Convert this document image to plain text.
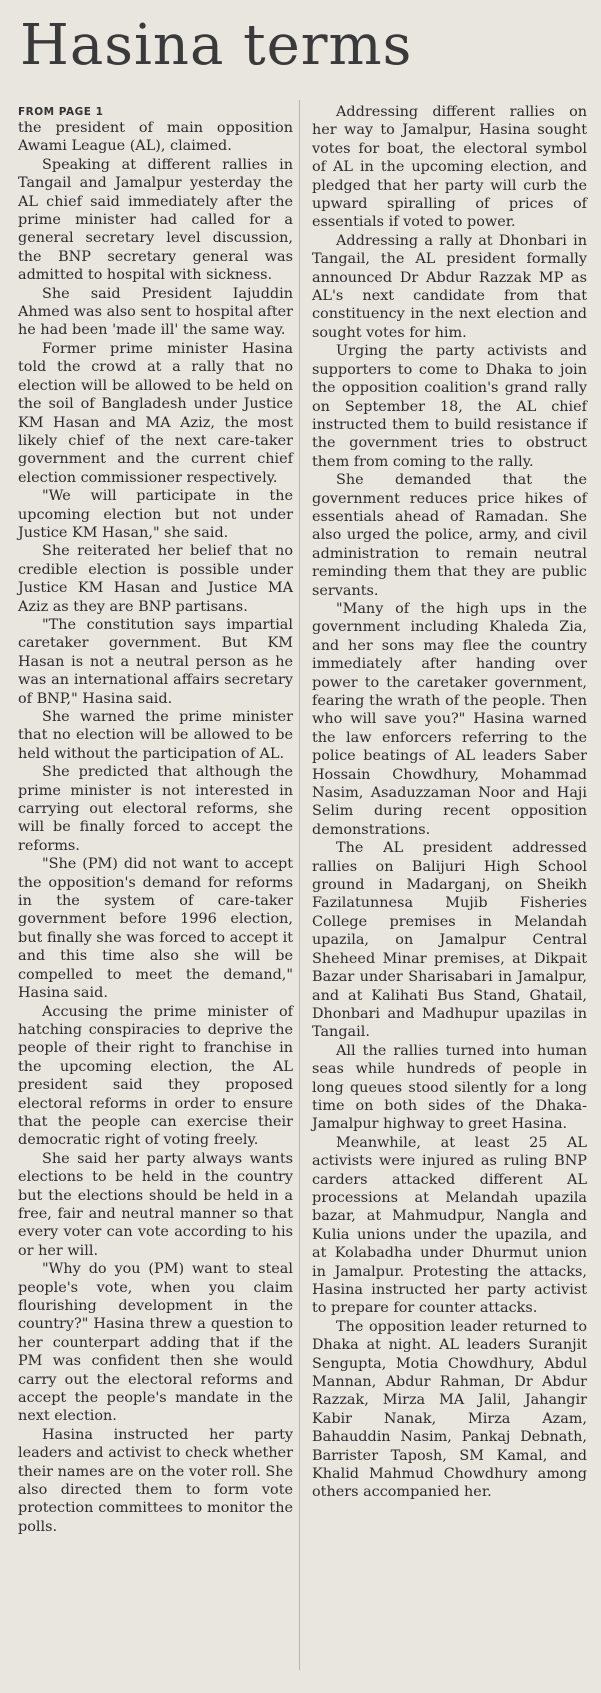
Hasina terms
FROM PAGE 1

the president of main opposition Awami League (AL), claimed.

Speaking at different rallies in Tangail and Jamalpur yesterday the AL chief said immediately after the prime minister had called for a general secretary level discussion, the BNP secretary general was admitted to hospital with sickness.

She said President Iajuddin Ahmed was also sent to hospital after he had been 'made ill' the same way.

Former prime minister Hasina told the crowd at a rally that no election will be allowed to be held on the soil of Bangladesh under Justice KM Hasan and MA Aziz, the most likely chief of the next care-taker government and the current chief election commissioner respectively.

"We will participate in the upcoming election but not under Justice KM Hasan," she said.

She reiterated her belief that no credible election is possible under Justice KM Hasan and Justice MA Aziz as they are BNP partisans.

"The constitution says impartial caretaker government. But KM Hasan is not a neutral person as he was an international affairs secretary of BNP," Hasina said.

She warned the prime minister that no election will be allowed to be held without the participation of AL.

She predicted that although the prime minister is not interested in carrying out electoral reforms, she will be finally forced to accept the reforms.

"She (PM) did not want to accept the opposition's demand for reforms in the system of care-taker government before 1996 election, but finally she was forced to accept it and this time also she will be compelled to meet the demand," Hasina said.

Accusing the prime minister of hatching conspiracies to deprive the people of their right to franchise in the upcoming election, the AL president said they proposed electoral reforms in order to ensure that the people can exercise their democratic right of voting freely.

She said her party always wants elections to be held in the country but the elections should be held in a free, fair and neutral manner so that every voter can vote according to his or her will.

"Why do you (PM) want to steal people's vote, when you claim flourishing development in the country?" Hasina threw a question to her counterpart adding that if the PM was confident then she would carry out the electoral reforms and accept the people's mandate in the next election.

Hasina instructed her party leaders and activist to check whether their names are on the voter roll. She also directed them to form vote protection committees to monitor the polls.

Addressing different rallies on her way to Jamalpur, Hasina sought votes for boat, the electoral symbol of AL in the upcoming election, and pledged that her party will curb the upward spiralling of prices of essentials if voted to power.

Addressing a rally at Dhonbari in Tangail, the AL president formally announced Dr Abdur Razzak MP as AL's next candidate from that constituency in the next election and sought votes for him.

Urging the party activists and supporters to come to Dhaka to join the opposition coalition's grand rally on September 18, the AL chief instructed them to build resistance if the government tries to obstruct them from coming to the rally.

She demanded that the government reduces price hikes of essentials ahead of Ramadan. She also urged the police, army, and civil administration to remain neutral reminding them that they are public servants.

"Many of the high ups in the government including Khaleda Zia, and her sons may flee the country immediately after handing over power to the caretaker government, fearing the wrath of the people. Then who will save you?" Hasina warned the law enforcers referring to the police beatings of AL leaders Saber Hossain Chowdhury, Mohammad Nasim, Asaduzzaman Noor and Haji Selim during recent opposition demonstrations.

The AL president addressed rallies on Balijuri High School ground in Madarganj, on Sheikh Fazilatunnesa Mujib Fisheries College premises in Melandah upazila, on Jamalpur Central Sheheed Minar premises, at Dikpait Bazar under Sharisabari in Jamalpur, and at Kalihati Bus Stand, Ghatail, Dhonbari and Madhupur upazilas in Tangail.

All the rallies turned into human seas while hundreds of people in long queues stood silently for a long time on both sides of the Dhaka-Jamalpur highway to greet Hasina.

Meanwhile, at least 25 AL activists were injured as ruling BNP carders attacked different AL processions at Melandah upazila bazar, at Mahmudpur, Nangla and Kulia unions under the upazila, and at Kolabadha under Dhurmut union in Jamalpur. Protesting the attacks, Hasina instructed her party activist to prepare for counter attacks.

The opposition leader returned to Dhaka at night. AL leaders Suranjit Sengupta, Motia Chowdhury, Abdul Mannan, Abdur Rahman, Dr Abdur Razzak, Mirza MA Jalil, Jahangir Kabir Nanak, Mirza Azam, Bahauddin Nasim, Pankaj Debnath, Barrister Taposh, SM Kamal, and Khalid Mahmud Chowdhury among others accompanied her.
